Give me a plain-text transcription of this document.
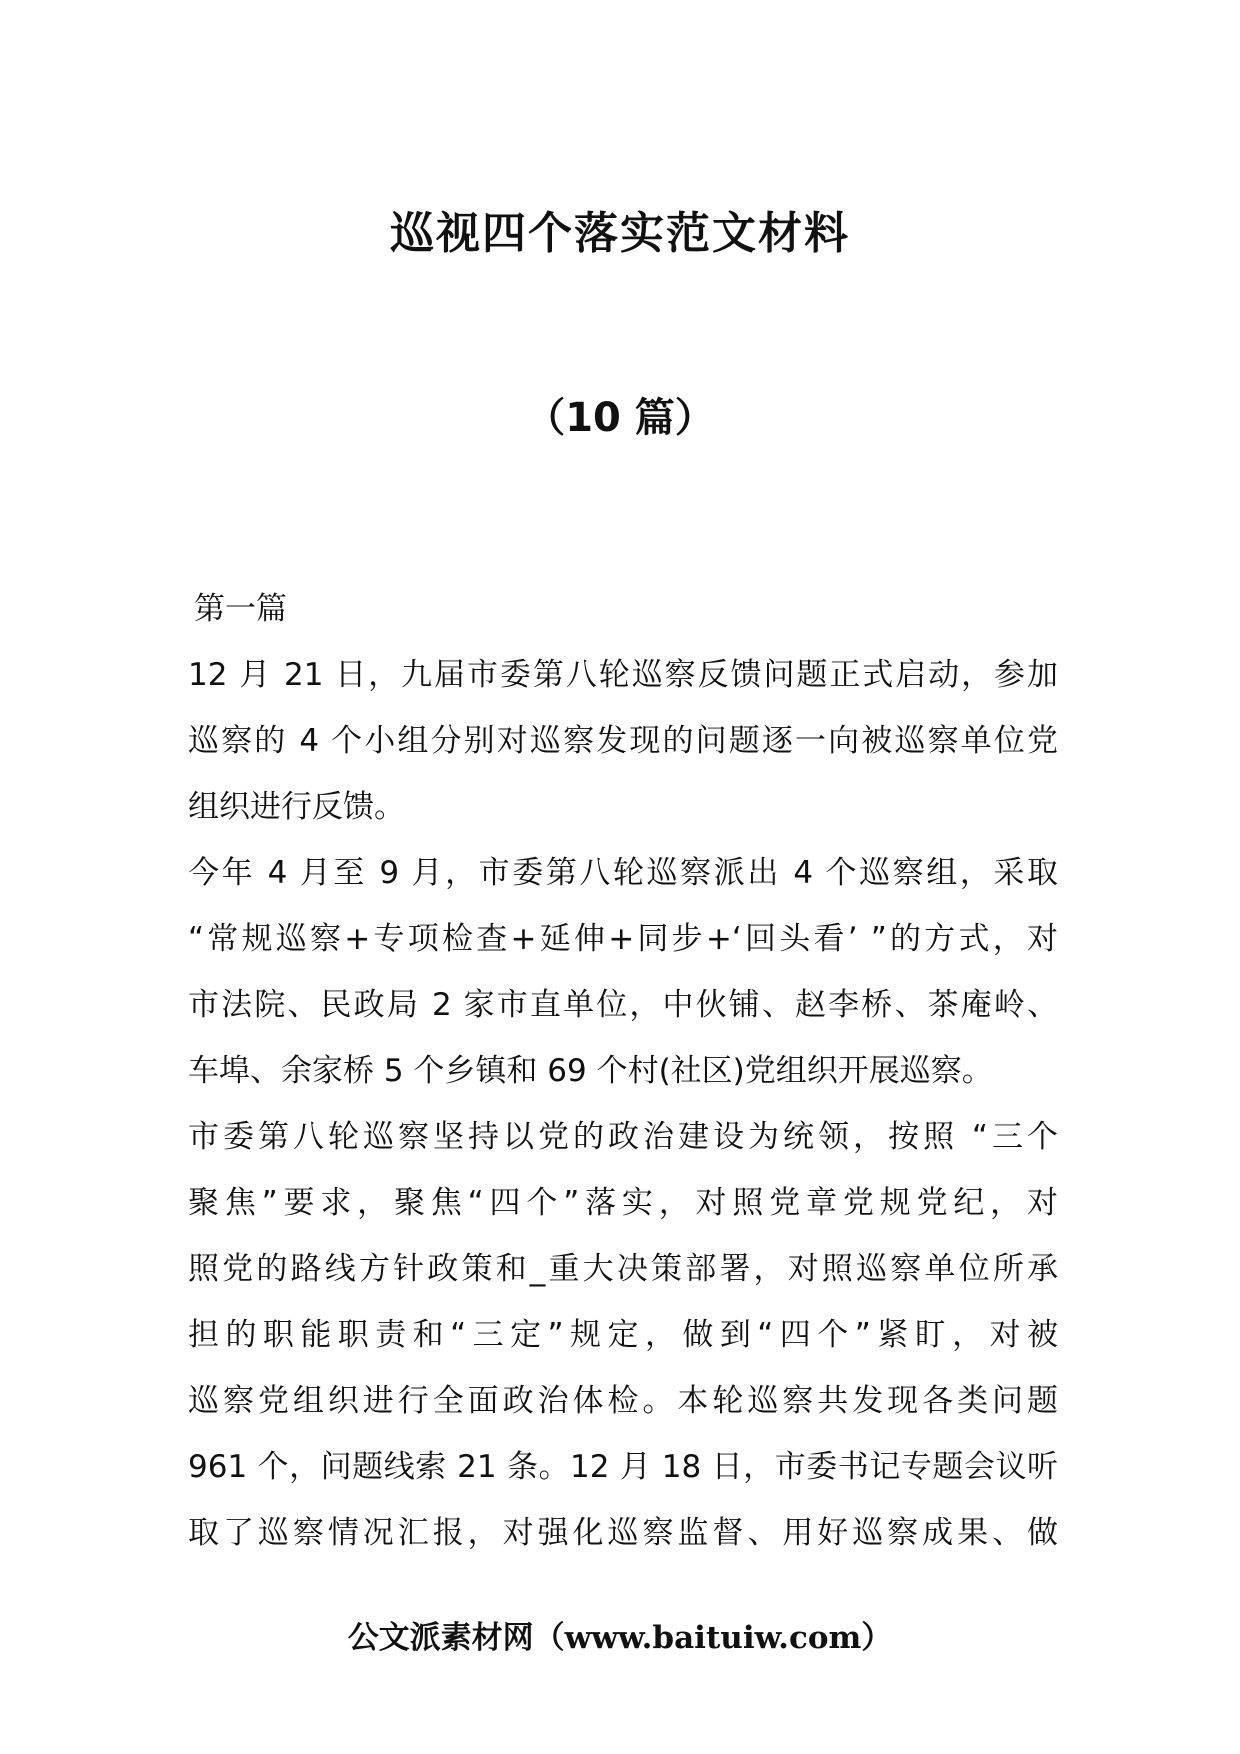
巡视四个落实范文材料
（10 篇）
第一篇
12 月 21 日，九届市委第八轮巡察反馈问题正式启动，参加
巡察的 4 个小组分别对巡察发现的问题逐一向被巡察单位党
组织进行反馈。
今年 4 月至 9 月，市委第八轮巡察派出 4 个巡察组，采取
“常规巡察+专项检查+延伸+同步+‘回头看’ ”的方式，对
市法院、民政局 2 家市直单位，中伙铺、赵李桥、茶庵岭、
车埠、余家桥 5 个乡镇和 69 个村(社区)党组织开展巡察。
市委第八轮巡察坚持以党的政治建设为统领，按照 “三个
聚焦”要求，聚焦“四个”落实，对照党章党规党纪，对
照党的路线方针政策和_重大决策部署，对照巡察单位所承
担的职能职责和“三定”规定，做到“四个”紧盯，对被
巡察党组织进行全面政治体检。本轮巡察共发现各类问题
961 个，问题线索 21 条。12 月 18 日，市委书记专题会议听
取了巡察情况汇报，对强化巡察监督、用好巡察成果、做
公文派素材网（www.baituiw.com）
